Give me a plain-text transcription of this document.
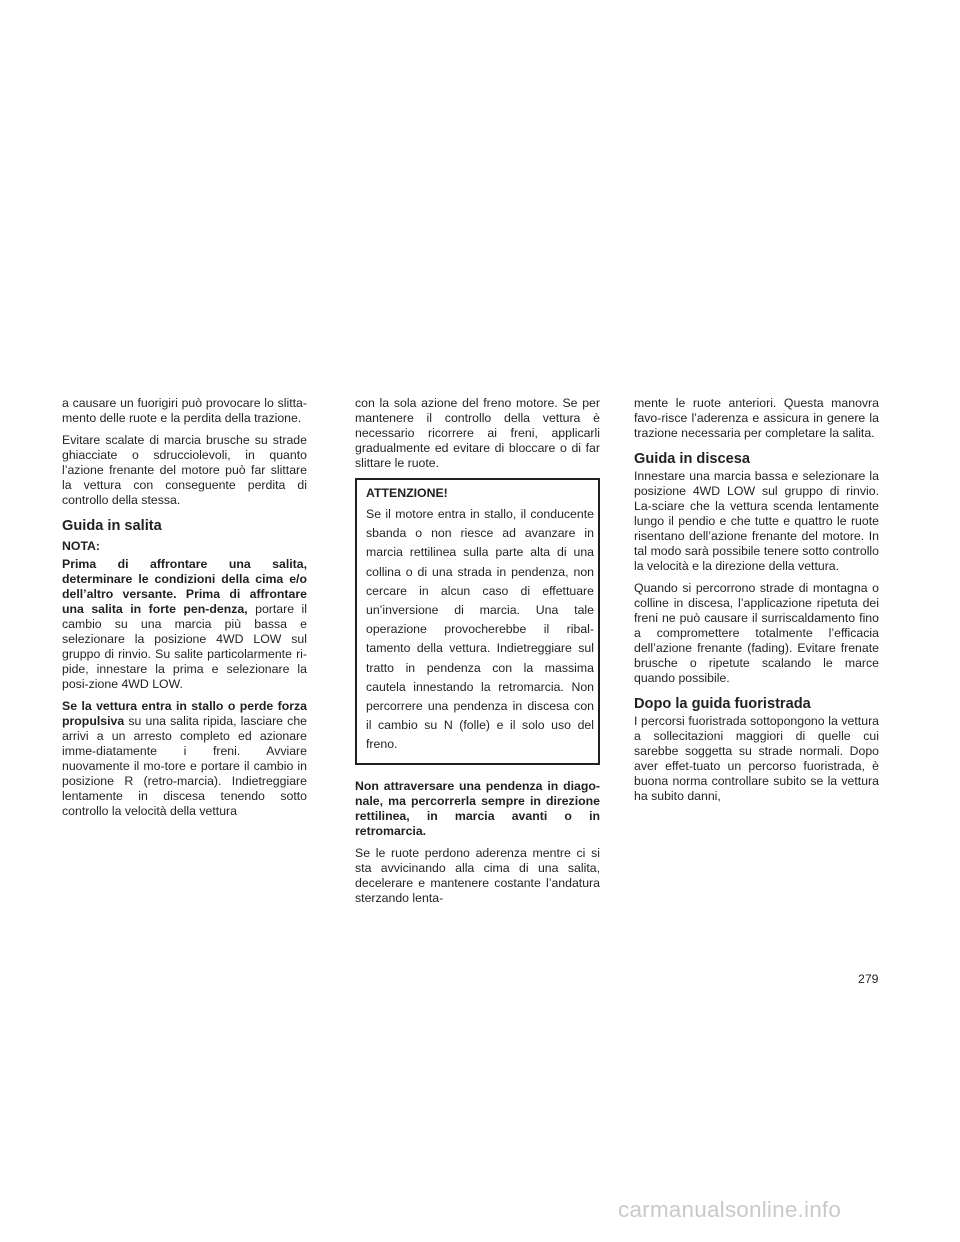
a causare un fuorigiri può provocare lo slitta-mento delle ruote e la perdita della trazione.

Evitare scalate di marcia brusche su strade ghiacciate o sdrucciolevoli, in quanto l’azione frenante del motore può far slittare la vettura con conseguente perdita di controllo della stessa.

Guida in salita
NOTA:

Prima di affrontare una salita, determinare le condizioni della cima e/o dell’altro versante. Prima di affrontare una salita in forte pen-denza, portare il cambio su una marcia più bassa e selezionare la posizione 4WD LOW sul gruppo di rinvio. Su salite particolarmente ri-pide, innestare la prima e selezionare la posi-zione 4WD LOW.

Se la vettura entra in stallo o perde forza propulsiva su una salita ripida, lasciare che arrivi a un arresto completo ed azionare imme-diatamente i freni. Avviare nuovamente il mo-tore e portare il cambio in posizione R (retro-marcia). Indietreggiare lentamente in discesa tenendo sotto controllo la velocità della vettura

con la sola azione del freno motore. Se per mantenere il controllo della vettura è necessario ricorrere ai freni, applicarli gradualmente ed evitare di bloccare o di far slittare le ruote.

ATTENZIONE!
Se il motore entra in stallo, il conducente sbanda o non riesce ad avanzare in marcia rettilinea sulla parte alta di una collina o di una strada in pendenza, non cercare in alcun caso di effettuare un’inversione di marcia. Una tale operazione provocherebbe il ribal-tamento della vettura. Indietreggiare sul tratto in pendenza con la massima cautela innestando la retromarcia. Non percorrere una pendenza in discesa con il cambio su N (folle) e il solo uso del freno.

Non attraversare una pendenza in diago-nale, ma percorrerla sempre in direzione rettilinea, in marcia avanti o in retromarcia.

Se le ruote perdono aderenza mentre ci si sta avvicinando alla cima di una salita, decelerare e mantenere costante l’andatura sterzando lenta-

mente le ruote anteriori. Questa manovra favo-risce l’aderenza e assicura in genere la trazione necessaria per completare la salita.

Guida in discesa

Innestare una marcia bassa e selezionare la posizione 4WD LOW sul gruppo di rinvio. La-sciare che la vettura scenda lentamente lungo il pendio e che tutte e quattro le ruote risentano dell’azione frenante del motore. In tal modo sarà possibile tenere sotto controllo la velocità e la direzione della vettura.

Quando si percorrono strade di montagna o colline in discesa, l’applicazione ripetuta dei freni ne può causare il surriscaldamento fino a compromettere totalmente l’efficacia dell’azione frenante (fading). Evitare frenate brusche o ripetute scalando le marce quando possibile.

Dopo la guida fuoristrada

I percorsi fuoristrada sottopongono la vettura a sollecitazioni maggiori di quelle cui sarebbe soggetta su strade normali. Dopo aver effet-tuato un percorso fuoristrada, è buona norma controllare subito se la vettura ha subito danni,

279
carmanualsonline.info
